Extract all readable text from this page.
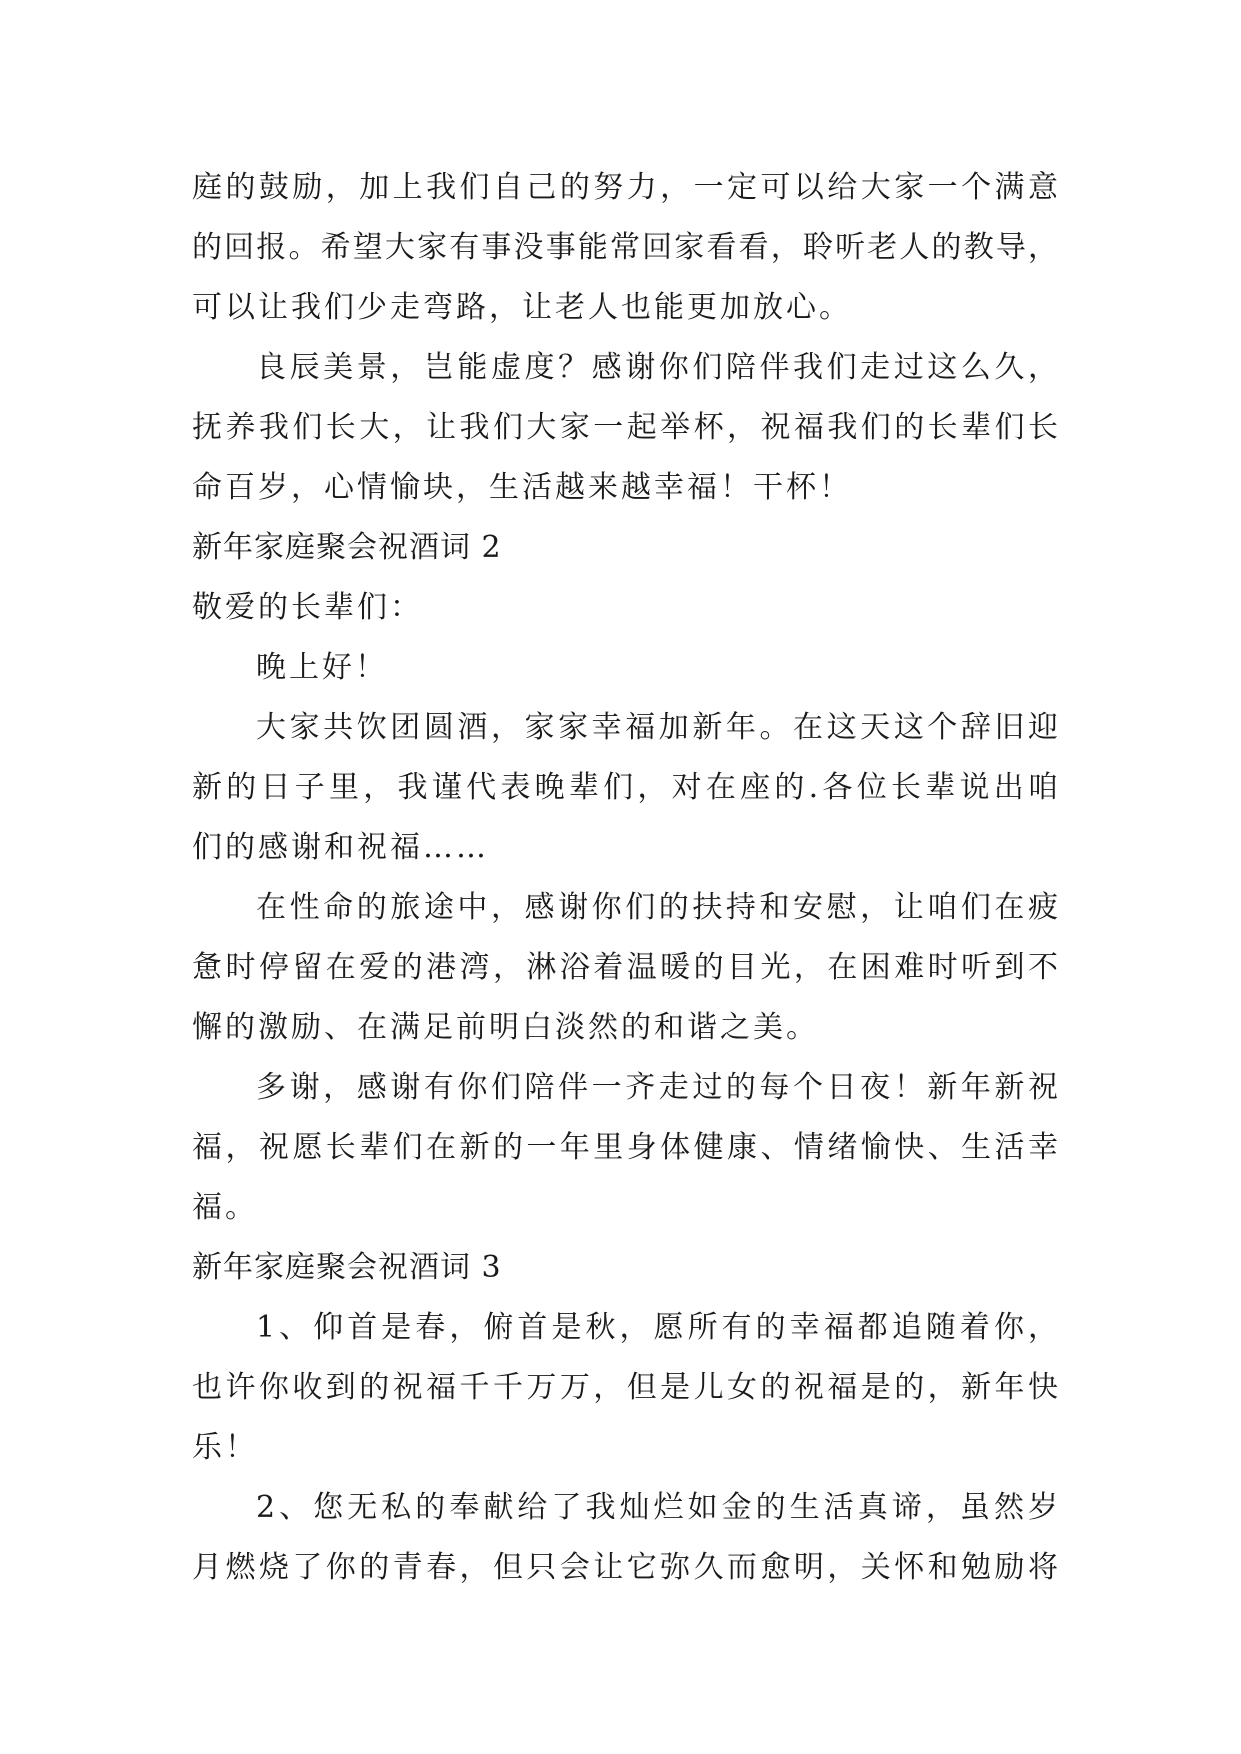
庭的鼓励，加上我们自己的努力，一定可以给大家一个满意
的回报。希望大家有事没事能常回家看看，聆听老人的教导，
可以让我们少走弯路，让老人也能更加放心。
良辰美景，岂能虚度？感谢你们陪伴我们走过这么久，
抚养我们长大，让我们大家一起举杯，祝福我们的长辈们长
命百岁，心情愉块，生活越来越幸福！干杯！
新年家庭聚会祝酒词 2
敬爱的长辈们：
晚上好！
大家共饮团圆酒，家家幸福加新年。在这天这个辞旧迎
新的日子里，我谨代表晚辈们，对在座的.各位长辈说出咱
们的感谢和祝福……
在性命的旅途中，感谢你们的扶持和安慰，让咱们在疲
惫时停留在爱的港湾，淋浴着温暖的目光，在困难时听到不
懈的激励、在满足前明白淡然的和谐之美。
多谢，感谢有你们陪伴一齐走过的每个日夜！新年新祝
福，祝愿长辈们在新的一年里身体健康、情绪愉快、生活幸
福。
新年家庭聚会祝酒词 3
1、仰首是春，俯首是秋，愿所有的幸福都追随着你，
也许你收到的祝福千千万万，但是儿女的祝福是的，新年快
乐！
2、您无私的奉献给了我灿烂如金的生活真谛，虽然岁
月燃烧了你的青春，但只会让它弥久而愈明，关怀和勉励将
